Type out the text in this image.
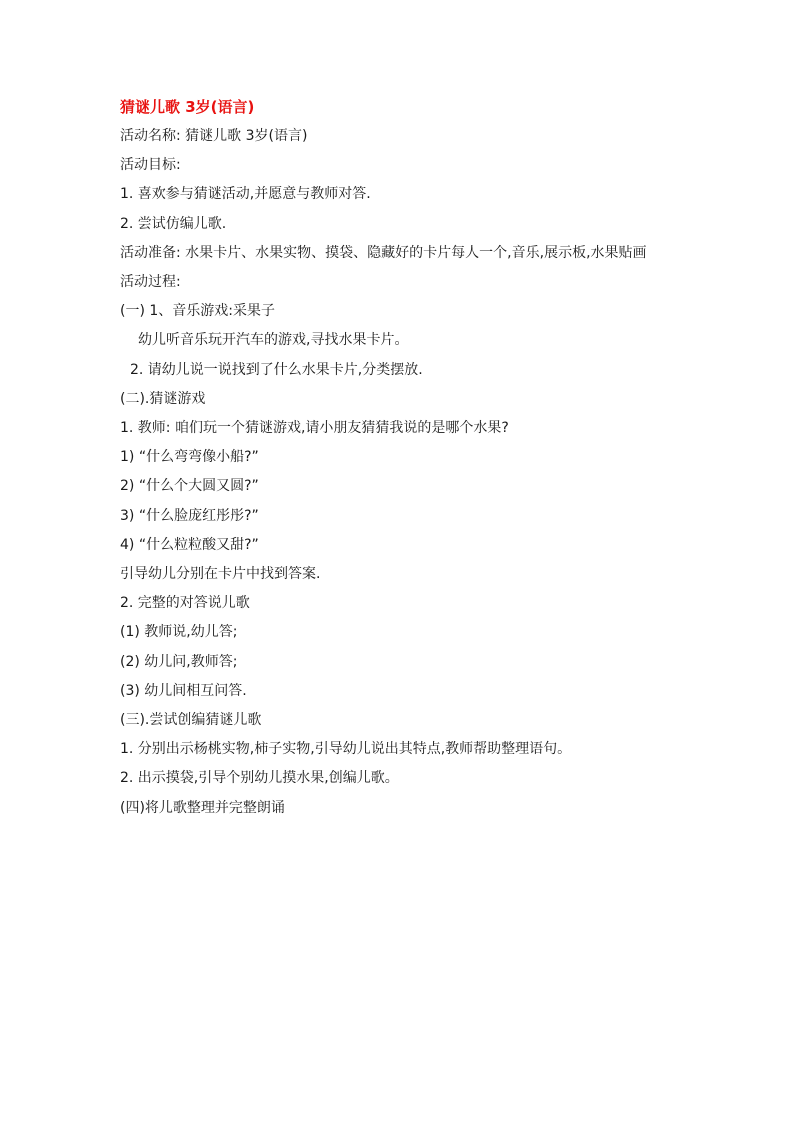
猜谜儿歌 3岁(语言)
活动名称: 猜谜儿歌 3岁(语言)
活动目标:
1. 喜欢参与猜谜活动,并愿意与教师对答.
2. 尝试仿编儿歌.
活动准备: 水果卡片、水果实物、摸袋、隐藏好的卡片每人一个,音乐,展示板,水果贴画
活动过程:
(一) 1、音乐游戏:采果子
幼儿听音乐玩开汽车的游戏,寻找水果卡片。
2. 请幼儿说一说找到了什么水果卡片,分类摆放.
(二).猜谜游戏
1. 教师: 咱们玩一个猜谜游戏,请小朋友猜猜我说的是哪个水果?
1) “什么弯弯像小船?”
2) “什么个大圆又圆?”
3) “什么脸庞红彤彤?”
4) “什么粒粒酸又甜?”
引导幼儿分别在卡片中找到答案.
2. 完整的对答说儿歌
(1) 教师说,幼儿答;
(2) 幼儿问,教师答;
(3) 幼儿间相互问答.
(三).尝试创编猜谜儿歌
1. 分别出示杨桃实物,柿子实物,引导幼儿说出其特点,教师帮助整理语句。
2. 出示摸袋,引导个别幼儿摸水果,创编儿歌。
(四)将儿歌整理并完整朗诵
